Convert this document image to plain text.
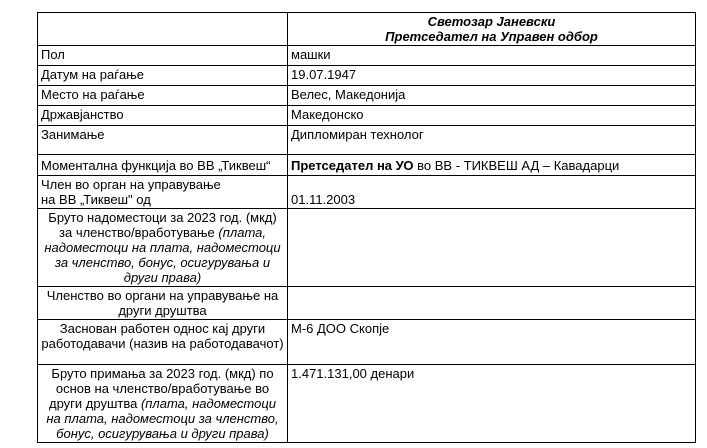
	Светозар Јаневски
Претседател на Управен одбор

Пол	машки
Датум на раѓање	19.07.1947
Место на раѓање	Велес, Македонија
Државјанство	Македонско
Занимање	Дипломиран технолог
Моментална функција во ВВ „Тиквеш“	Претседател на УО во ВВ - ТИКВЕШ АД – Кавадарци

Член во орган на управување
на ВВ „Тиквеш" од	01.11.2003
Бруто надоместоци за 2023 год. (мкд) за членство/вработување (плата, надоместоци на плата, надоместоци за членство, бонус, осигурувања и други права)	
Членство во органи на управување на други друштва	
Заснован работен однос кај други работодавачи (назив на работодавачот)	М-6 ДОО Скопје
Бруто примања за 2023 год. (мкд) по основ на членство/вработување во други друштва (плата, надоместоци на плата, надоместоци за членство, бонус, осигурувања и други права)	1.471.131,00 денари
